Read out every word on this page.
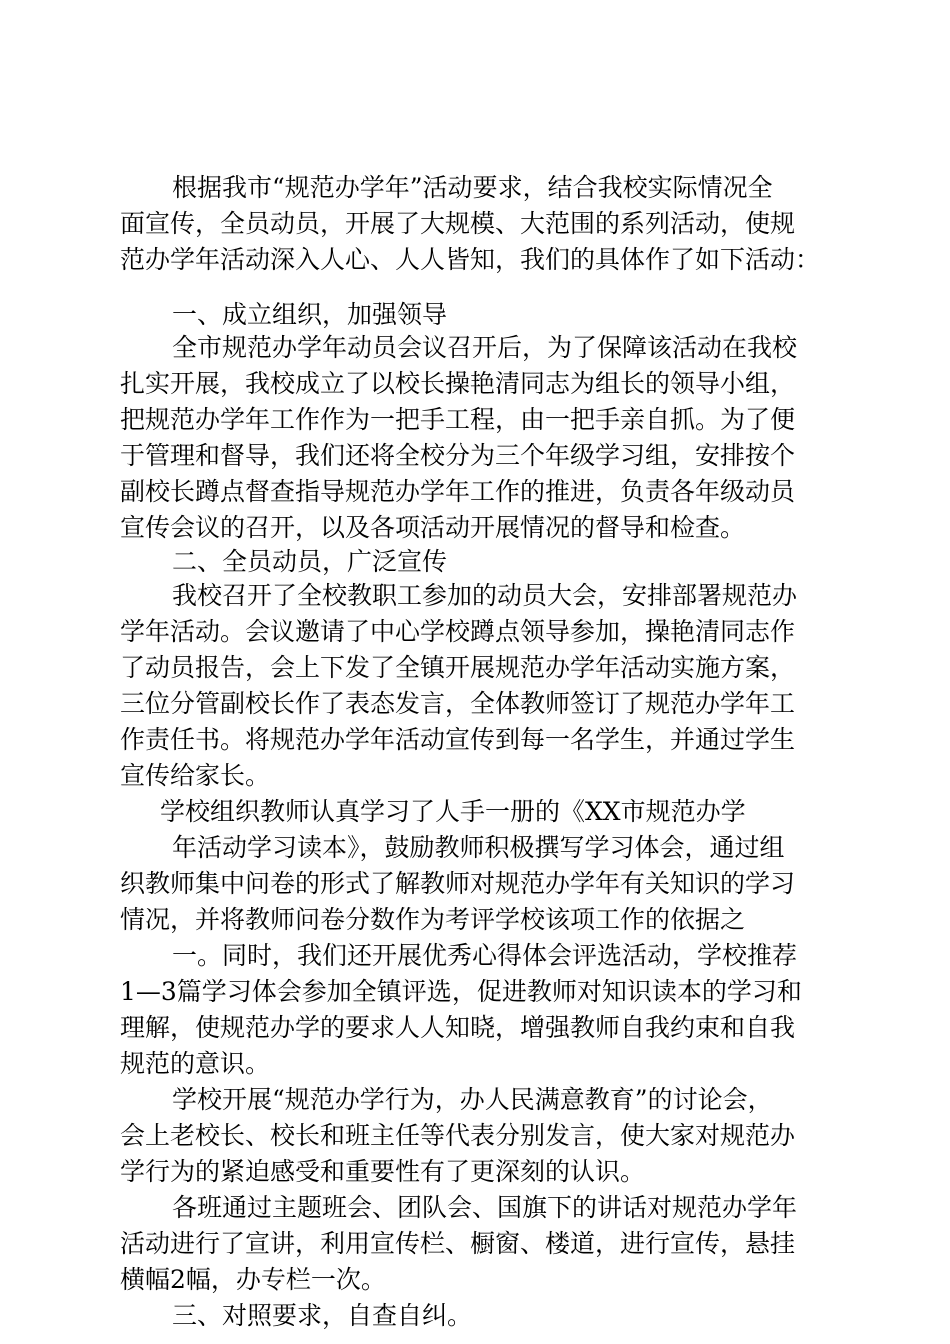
根据我市“规范办学年”活动要求，结合我校实际情况全

面宣传，全员动员，开展了大规模、大范围的系列活动，使规

范办学年活动深入人心、人人皆知，我们的具体作了如下活动：

一、成立组织，加强领导

全市规范办学年动员会议召开后，为了保障该活动在我校

扎实开展，我校成立了以校长操艳清同志为组长的领导小组，

把规范办学年工作作为一把手工程，由一把手亲自抓。为了便

于管理和督导，我们还将全校分为三个年级学习组，安排按个

副校长蹲点督查指导规范办学年工作的推进，负责各年级动员

宣传会议的召开，以及各项活动开展情况的督导和检查。

二、全员动员，广泛宣传

我校召开了全校教职工参加的动员大会，安排部署规范办

学年活动。会议邀请了中心学校蹲点领导参加，操艳清同志作

了动员报告，会上下发了全镇开展规范办学年活动实施方案，

三位分管副校长作了表态发言，全体教师签订了规范办学年工

作责任书。将规范办学年活动宣传到每一名学生，并通过学生

宣传给家长。

学校组织教师认真学习了人手一册的《XX市规范办学

年活动学习读本》，鼓励教师积极撰写学习体会，通过组

织教师集中问卷的形式了解教师对规范办学年有关知识的学习

情况，并将教师问卷分数作为考评学校该项工作的依据之

一。同时，我们还开展优秀心得体会评选活动，学校推荐

1—3篇学习体会参加全镇评选，促进教师对知识读本的学习和

理解，使规范办学的要求人人知晓，增强教师自我约束和自我

规范的意识。

学校开展“规范办学行为，办人民满意教育”的讨论会，

会上老校长、校长和班主任等代表分别发言，使大家对规范办

学行为的紧迫感受和重要性有了更深刻的认识。

各班通过主题班会、团队会、国旗下的讲话对规范办学年

活动进行了宣讲，利用宣传栏、橱窗、楼道，进行宣传，悬挂

横幅2幅，办专栏一次。

三、对照要求，自查自纠。
